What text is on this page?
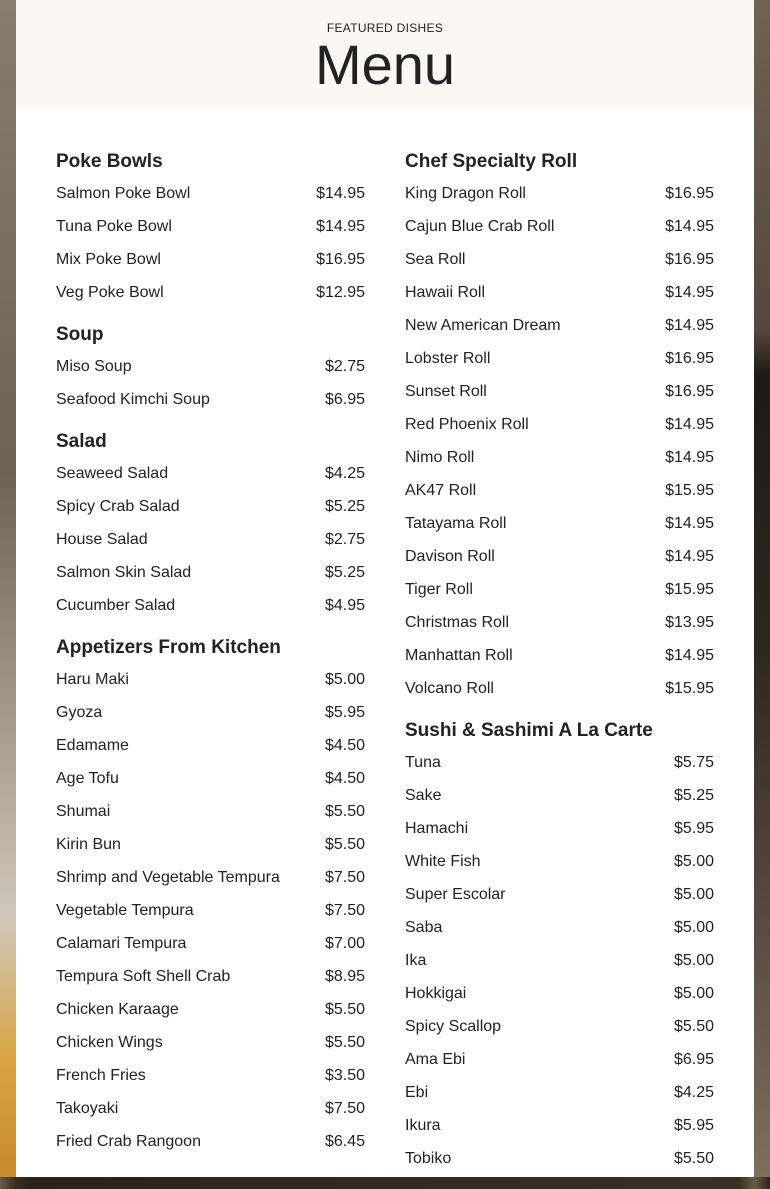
FEATURED DISHES
Menu
Poke Bowls
Salmon Poke Bowl	$14.95
Tuna Poke Bowl	$14.95
Mix Poke Bowl	$16.95
Veg Poke Bowl	$12.95
Soup
Miso Soup	$2.75
Seafood Kimchi Soup	$6.95
Salad
Seaweed Salad	$4.25
Spicy Crab Salad	$5.25
House Salad	$2.75
Salmon Skin Salad	$5.25
Cucumber Salad	$4.95
Appetizers From Kitchen
Haru Maki	$5.00
Gyoza	$5.95
Edamame	$4.50
Age Tofu	$4.50
Shumai	$5.50
Kirin Bun	$5.50
Shrimp and Vegetable Tempura	$7.50
Vegetable Tempura	$7.50
Calamari Tempura	$7.00
Tempura Soft Shell Crab	$8.95
Chicken Karaage	$5.50
Chicken Wings	$5.50
French Fries	$3.50
Takoyaki	$7.50
Fried Crab Rangoon	$6.45
Chef Specialty Roll
King Dragon Roll	$16.95
Cajun Blue Crab Roll	$14.95
Sea Roll	$16.95
Hawaii Roll	$14.95
New American Dream	$14.95
Lobster Roll	$16.95
Sunset Roll	$16.95
Red Phoenix Roll	$14.95
Nimo Roll	$14.95
AK47 Roll	$15.95
Tatayama Roll	$14.95
Davison Roll	$14.95
Tiger Roll	$15.95
Christmas Roll	$13.95
Manhattan Roll	$14.95
Volcano Roll	$15.95
Sushi & Sashimi A La Carte
Tuna	$5.75
Sake	$5.25
Hamachi	$5.95
White Fish	$5.00
Super Escolar	$5.00
Saba	$5.00
Ika	$5.00
Hokkigai	$5.00
Spicy Scallop	$5.50
Ama Ebi	$6.95
Ebi	$4.25
Ikura	$5.95
Tobiko	$5.50
